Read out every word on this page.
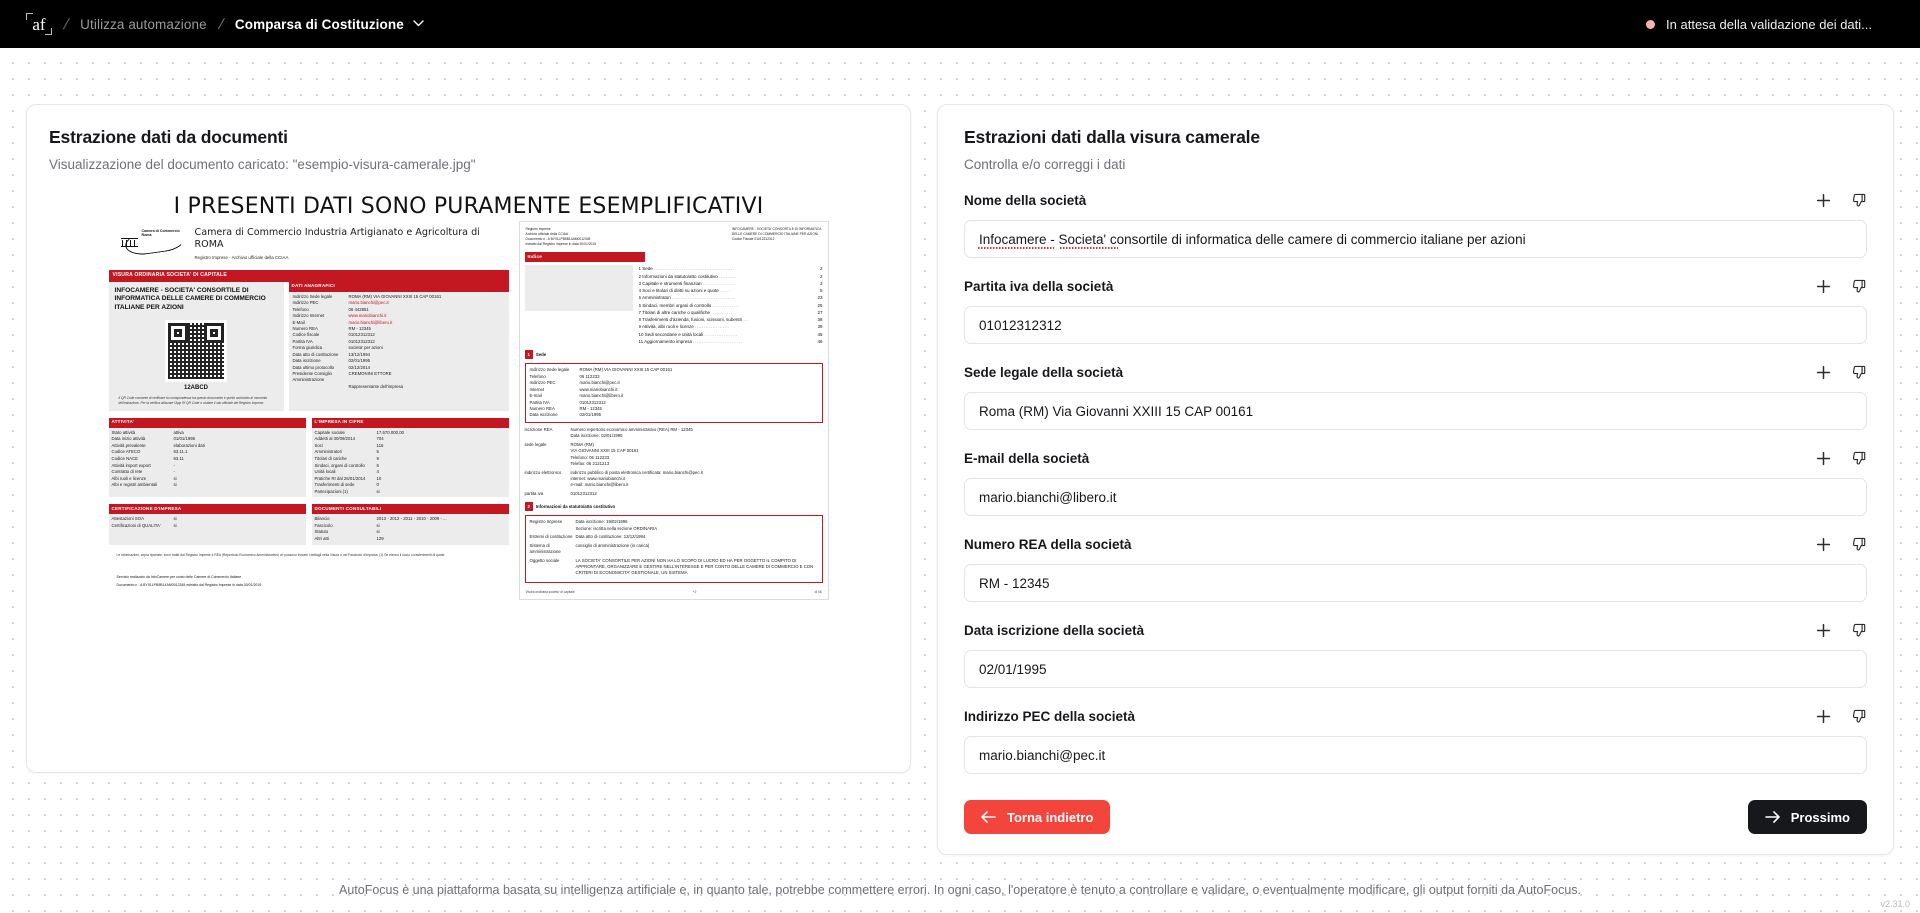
af / Utilizza automazione / Comparsa di Costituzione	In attesa della validazione dei dati...
Estrazione dati da documenti
Visualizzazione del documento caricato: "esempio-visura-camerale.jpg"
I PRESENTI DATI SONO PURAMENTE ESEMPLIFICATIVI
Camera di Commercio
Roma	Camera di Commercio Industria Artigianato e Agricoltura di ROMA
Registro Imprese - Archivio ufficiale della CCIAA
VISURA ORDINARIA SOCIETA' DI CAPITALE
INFOCAMERE - SOCIETA' CONSORTILE DI INFORMATICA DELLE CAMERE DI COMMERCIO ITALIANE PER AZIONI
12ABCD
Il QR Code consente di verificare la corrispondenza tra questo documento e quello archiviato al momento dell'estrazione. Per la verifica utilizzare l'App RI QR Code o visitare il sito ufficiale del Registro Imprese.
DATI ANAGRAFICI
Indirizzo Sede legale	ROMA (RM) VIA GIOVANNI XXIII 15 CAP 00161
Indirizzo PEC	mario.bianchi@pec.it
Telefono	06 442851
Indirizzo Internet	www.mariobianchi.it
E-Mail	mario.bianchi@libero.it
Numero REA	RM - 12345
Codice fiscale	01012312312
Partita IVA	01012312312
Forma giuridica	societa' per azioni
Data atto di costituzione	13/12/1994
Data iscrizione	02/01/1995
Data ultimo protocollo	02/12/2014
Presidente Consiglio Amministrazione
CREMONINI ETTORE
Rappresentante dell'impresa
ATTIVITA'
Stato attività	attiva
Data inizio attività	01/01/1995
Attività prevalente	elaborazioni dati
Codice ATECO	63.11.1
Codice NACE	63.11
Attività import export	-
Contratto di rete	-
Albi ruoli e licenze	si
Albi e registri ambientali	si
L'IMPRESA IN CIFRE
Capitale sociale	17.670.000,00
Addetti al 30/09/2014	704
Soci	116
Amministratori	5
Titolari di cariche	9
Sindaci, organi di controllo	6
Unità locali	4
Pratiche RI dal 26/01/2014	10
Trasferimenti di sede	0
Partecipazioni (1)	si
CERTIFICAZIONE D'IMPRESA
Attestazioni SOA	si
Certificazioni di QUALITA'	si
DOCUMENTI CONSULTABILI
Bilancio	2013 - 2012 - 2011 - 2010 - 2009 - ...
Fascicolo	si
Statuto	si
Altri atti	129
Le informazioni, sopra riportate, sono tratte dal Registro Imprese e REA (Repertorio Economico Amministrativo) al: possono trovare i dettagli nella Visura o nel Fascicolo d'Impresa. (1) Se elenco il socio o trasferimenti di quote.
Servizio realizzato da InfoCamere per conto delle Camere di Commercio Italiane
Documento n . A BY01LPB5B14AM0012345 estratto dal Registro Imprese in data 30/01/2015
Registro Imprese
Archivio ufficiale della CCIAA
Documento n . A BY01LPB5B14AM0012345
estratto dal Registro Imprese in data 30/01/2015
INFOCAMERE - SOCIETA' CONSORTILE DI INFORMATICA
DELLE CAMERE DI COMMERCIO ITALIANE PER AZIONI
Codice Fiscale 01012312312
Indice
1 Sede ..............................................	2
2 Informazioni da statuto/atto costitutivo ..........	2
3 Capitale e strumenti finanziari ...................	3
4 Soci e titolari di diritti su azioni e quote ......	5
5 Amministratori ....................................	23
6 Sindaci, membri organi di controllo ...............	25
7 Titolari di altre cariche o qualifiche ............	27
8 Trasferimenti d'azienda, fusioni, scissioni, subentri ...	38
9 Attività, albi ruoli e licenze ....................	39
10 Sedi secondarie e unità locali ...................	45
11 Aggiornamento impresa ............................	46
1	Sede
Indirizzo Sede legale	ROMA (RM) VIA GIOVANNI XXIII 15 CAP 00161
Telefono	06 112233
Indirizzo PEC	mario.bianchi@pec.it
Internet	www.mariobianchi.it
E-mail	mario.bianchi@libero.it
Partita IVA	01012312312
Numero REA	RM - 12345
Data iscrizione	02/01/1995
iscrizione REA	Numero repertorio economico amministrativo (REA) RM - 12345
Data iscrizione: 02/01/1995
sede legale	ROMA (RM)
VIA GIOVANNI XXIII 15 CAP 00161
Telefono: 06 112233
Telefax: 06 2121213
indirizzo elettronico	indirizzo pubblico di posta elettronica certificata: mario.bianchi@pec.it
internet: www.mariobianchi.it
e-mail: mario.bianchi@libero.it
partita iva	01012312312
2	Informazioni da statuto/atto costitutivo
Registro Imprese	Data iscrizione: 19/02/1996
Sezione: iscritta nella sezione ORDINARIA
Estremi di costituzione Data atto di costituzione: 13/12/1994
Sistema di amministrazione
consiglio di amministrazione (in carica)
Oggetto sociale	LA SOCIETA' CONSORTILE PER AZIONI NON HA LO SCOPO DI LUCRO ED HA PER OGGETTO IL COMPITO DI APPRONTARE, ORGANIZZARE E GESTIRE NELL'INTERESSE E PER CONTO DELLE CAMERE DI COMMERCIO E CON CRITERI DI ECONOMICITA' GESTIONALE, UN SISTEMA
Visura ordinaria societa' di capitale	+2	di 46
Estrazioni dati dalla visura camerale
Controlla e/o correggi i dati
Nome della società
Infocamere - Societa' consortile di informatica delle camere di commercio italiane per azioni
Partita iva della società
01012312312
Sede legale della società
Roma (RM) Via Giovanni XXIII 15 CAP 00161
E-mail della società
mario.bianchi@libero.it
Numero REA della società
RM - 12345
Data iscrizione della società
02/01/1995
Indirizzo PEC della società
mario.bianchi@pec.it
Torna indietro	Prossimo
AutoFocus è una piattaforma basata su intelligenza artificiale e, in quanto tale, potrebbe commettere errori. In ogni caso, l'operatore è tenuto a controllare e validare, o eventualmente modificare, gli output forniti da AutoFocus.
v2.31.0
